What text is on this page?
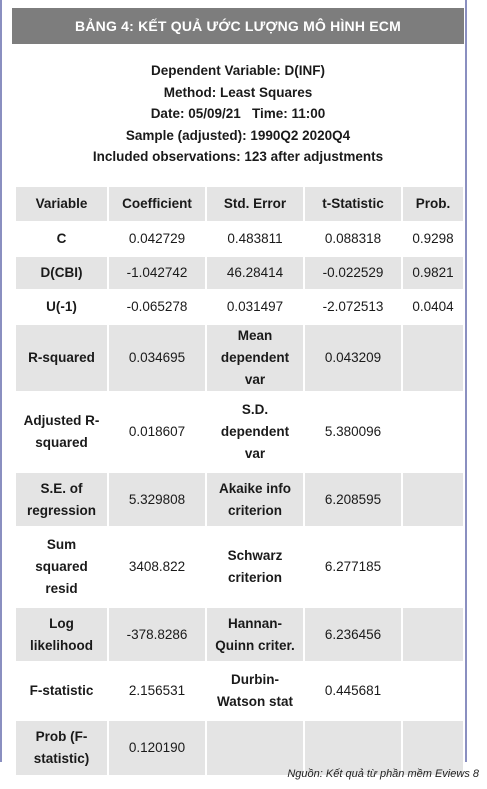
BẢNG 4: KẾT QUẢ ƯỚC LƯỢNG MÔ HÌNH ECM
Dependent Variable: D(INF)
Method: Least Squares
Date: 05/09/21   Time: 11:00
Sample (adjusted): 1990Q2 2020Q4
Included observations: 123 after adjustments
Variable	Coefficient	Std. Error	t-Statistic	Prob.
C	0.042729	0.483811	0.088318	0.9298
D(CBI)	-1.042742	46.28414	-0.022529	0.9821
U(-1)	-0.065278	0.031497	-2.072513	0.0404
R-squared	0.034695	Mean dependent var	0.043209	
Adjusted R-squared	0.018607	S.D. dependent var	5.380096	
S.E. of regression	5.329808	Akaike info criterion	6.208595	
Sum squared resid	3408.822	Schwarz criterion	6.277185	
Log likelihood	-378.8286	Hannan-Quinn criter.	6.236456	
F-statistic	2.156531	Durbin-Watson stat	0.445681	
Prob (F-statistic)	0.120190			
Nguồn: Kết quả từ phần mềm Eviews 8
